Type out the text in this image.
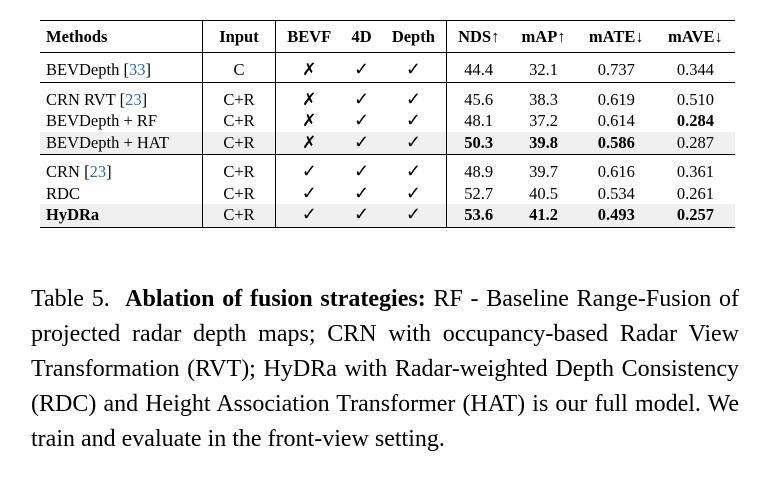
Methods	Input	BEVF	4D	Depth	NDS↑	mAP↑	mATE↓	mAVE↓
BEVDepth [33]	C	✗	✓	✓	44.4	32.1	0.737	0.344
CRN RVT [23]	C+R	✗	✓	✓	45.6	38.3	0.619	0.510
BEVDepth + RF	C+R	✗	✓	✓	48.1	37.2	0.614	0.284
BEVDepth + HAT	C+R	✗	✓	✓	50.3	39.8	0.586	0.287
CRN [23]	C+R	✓	✓	✓	48.9	39.7	0.616	0.361
RDC	C+R	✓	✓	✓	52.7	40.5	0.534	0.261
HyDRa	C+R	✓	✓	✓	53.6	41.2	0.493	0.257

Table 5. Ablation of fusion strategies: RF - Baseline Range-Fusion of projected radar depth maps; CRN with occupancy-based Radar View Transformation (RVT); HyDRa with Radar-weighted Depth Consistency (RDC) and Height Association Transformer (HAT) is our full model. We train and evaluate in the front-view setting.
